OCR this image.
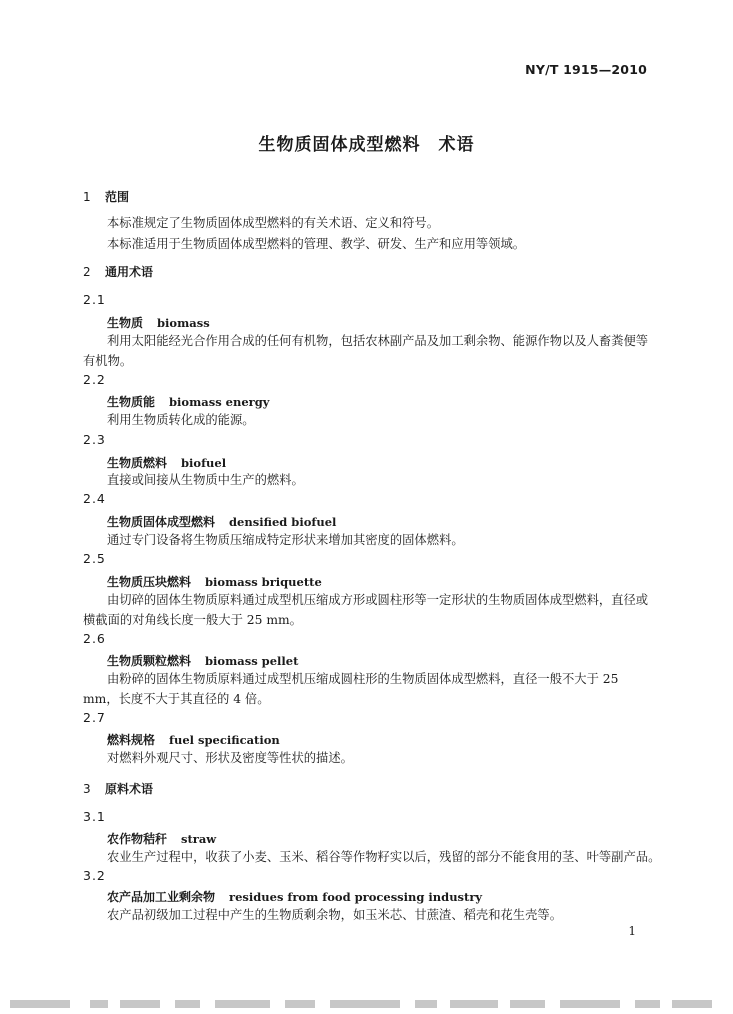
NY/T 1915—2010
生物质固体成型燃料　术语
1 范围
本标准规定了生物质固体成型燃料的有关术语、定义和符号。
本标准适用于生物质固体成型燃料的管理、教学、研发、生产和应用等领域。
2 通用术语
2.1
生物质 biomass
利用太阳能经光合作用合成的任何有机物，包括农林副产品及加工剩余物、能源作物以及人畜粪便等有机物。
2.2
生物质能 biomass energy
利用生物质转化成的能源。
2.3
生物质燃料 biofuel
直接或间接从生物质中生产的燃料。
2.4
生物质固体成型燃料 densified biofuel
通过专门设备将生物质压缩成特定形状来增加其密度的固体燃料。
2.5
生物质压块燃料 biomass briquette
由切碎的固体生物质原料通过成型机压缩成方形或圆柱形等一定形状的生物质固体成型燃料，直径或横截面的对角线长度一般大于 25 mm。
2.6
生物质颗粒燃料 biomass pellet
由粉碎的固体生物质原料通过成型机压缩成圆柱形的生物质固体成型燃料，直径一般不大于 25 mm，长度不大于其直径的 4 倍。
2.7
燃料规格 fuel specification
对燃料外观尺寸、形状及密度等性状的描述。
3 原料术语
3.1
农作物秸秆 straw
农业生产过程中，收获了小麦、玉米、稻谷等作物籽实以后，残留的部分不能食用的茎、叶等副产品。
3.2
农产品加工业剩余物 residues from food processing industry
农产品初级加工过程中产生的生物质剩余物，如玉米芯、甘蔗渣、稻壳和花生壳等。
1
